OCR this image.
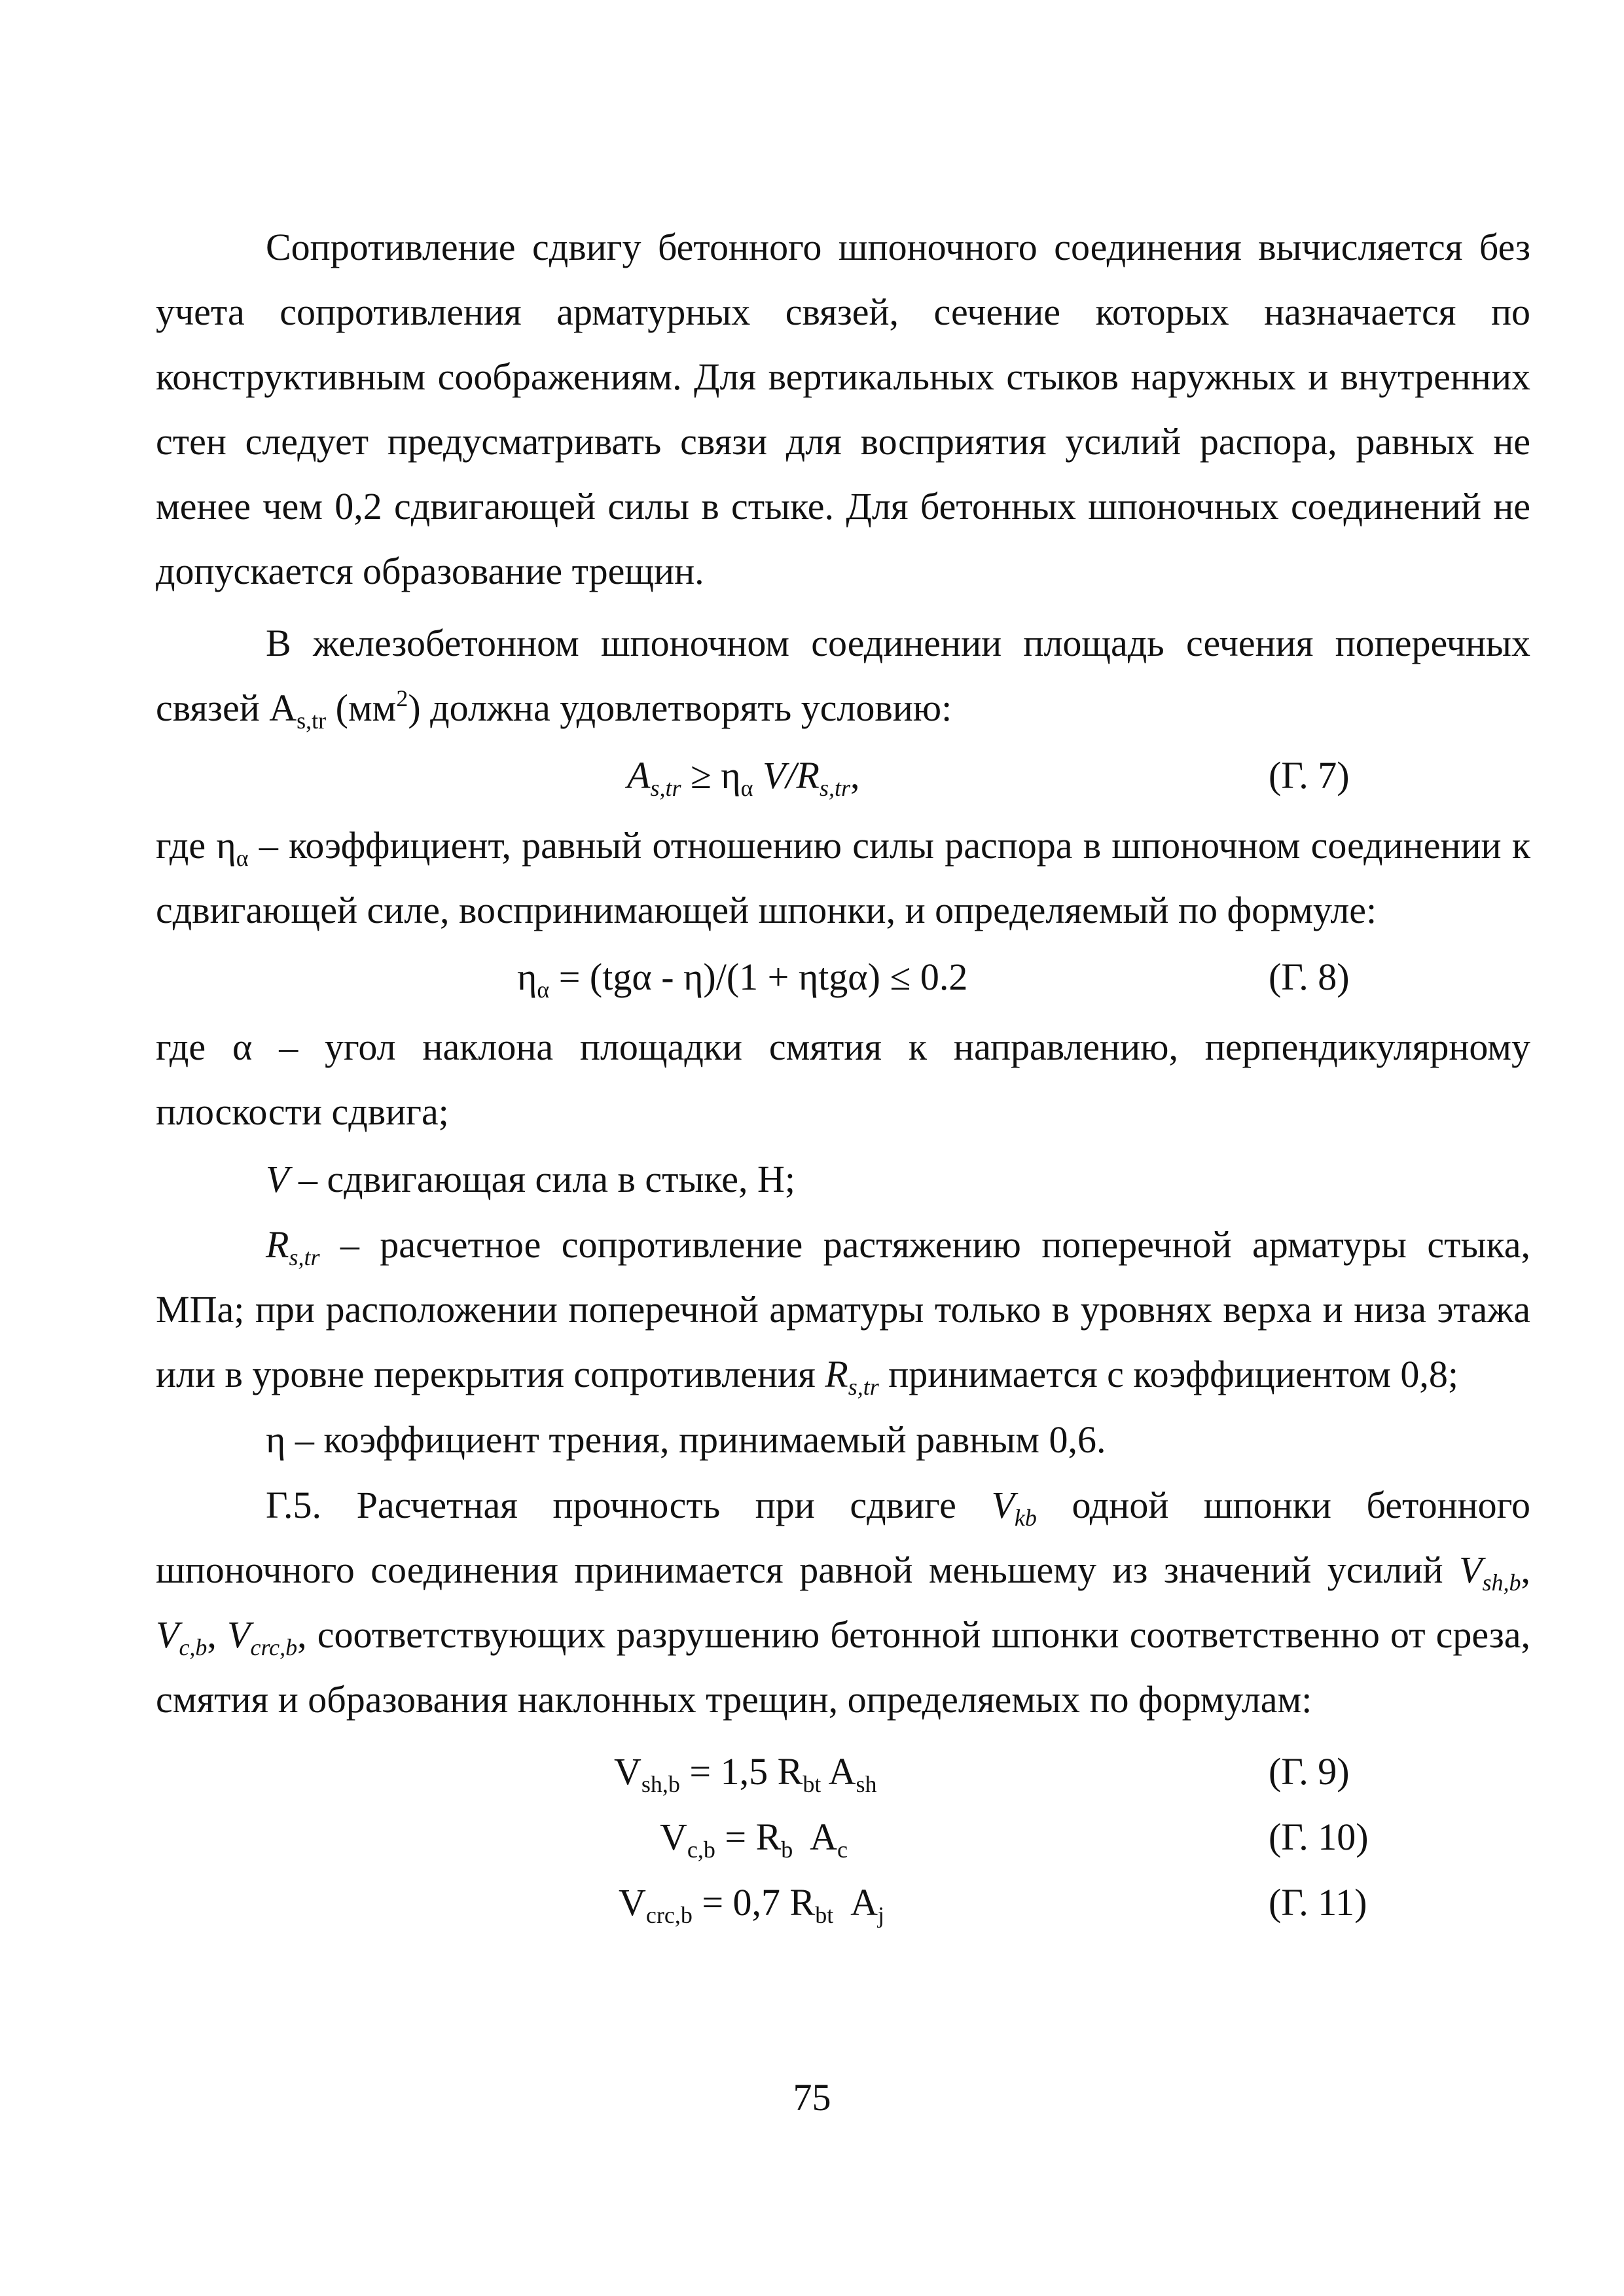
Сопротивление сдвигу бетонного шпоночного соединения вычисляется без учета сопротивления арматурных связей, сечение которых назначается по конструктивным соображениям. Для вертикальных стыков наружных и внутренних стен следует предусматривать связи для восприятия усилий распора, равных не менее чем 0,2 сдвигающей силы в стыке. Для бетонных шпоночных соединений не допускается образование трещин.
В железобетонном шпоночном соединении площадь сечения поперечных связей $A_{s,tr}$ $(мм^2)$ должна удовлетворять условию:
$A_{s,tr} \ge \eta_\alpha$ $V/R_{s,tr}$,	(Г. 7)
где $\eta_\alpha$ – коэффициент, равный отношению силы распора в шпоночном соединении к сдвигающей силе, воспринимающей шпонки, и определяемый по формуле:
$\eta_\alpha = (tg\alpha - \eta)/(1 + \eta tg\alpha) \le 0.2$	(Г. 8)
где α – угол наклона площадки смятия к направлению, перпендикулярному плоскости сдвига;
V – сдвигающая сила в стыке, Н;
$R_{s,tr}$ – расчетное сопротивление растяжению поперечной арматуры стыка, МПа; при расположении поперечной арматуры только в уровнях верха и низа этажа или в уровне перекрытия сопротивления $R_{s,tr}$ принимается с коэффициентом 0,8;
η – коэффициент трения, принимаемый равным 0,6.
Г.5. Расчетная прочность при сдвиге $V_{kb}$ одной шпонки бетонного шпоночного соединения принимается равной меньшему из значений усилий $V_{sh,b}$, $V_{c,b}$, $V_{crc,b}$, соответствующих разрушению бетонной шпонки соответственно от среза, смятия и образования наклонных трещин, определяемых по формулам:
$V_{sh,b} = 1,5$ $R_{bt}$ $A_{sh}$	(Г. 9)
$V_{c,b} = R_b$  $A_c$	(Г. 10)
$V_{crc,b} = 0,7$ $R_{bt}$  $A_j$	(Г. 11)
75
